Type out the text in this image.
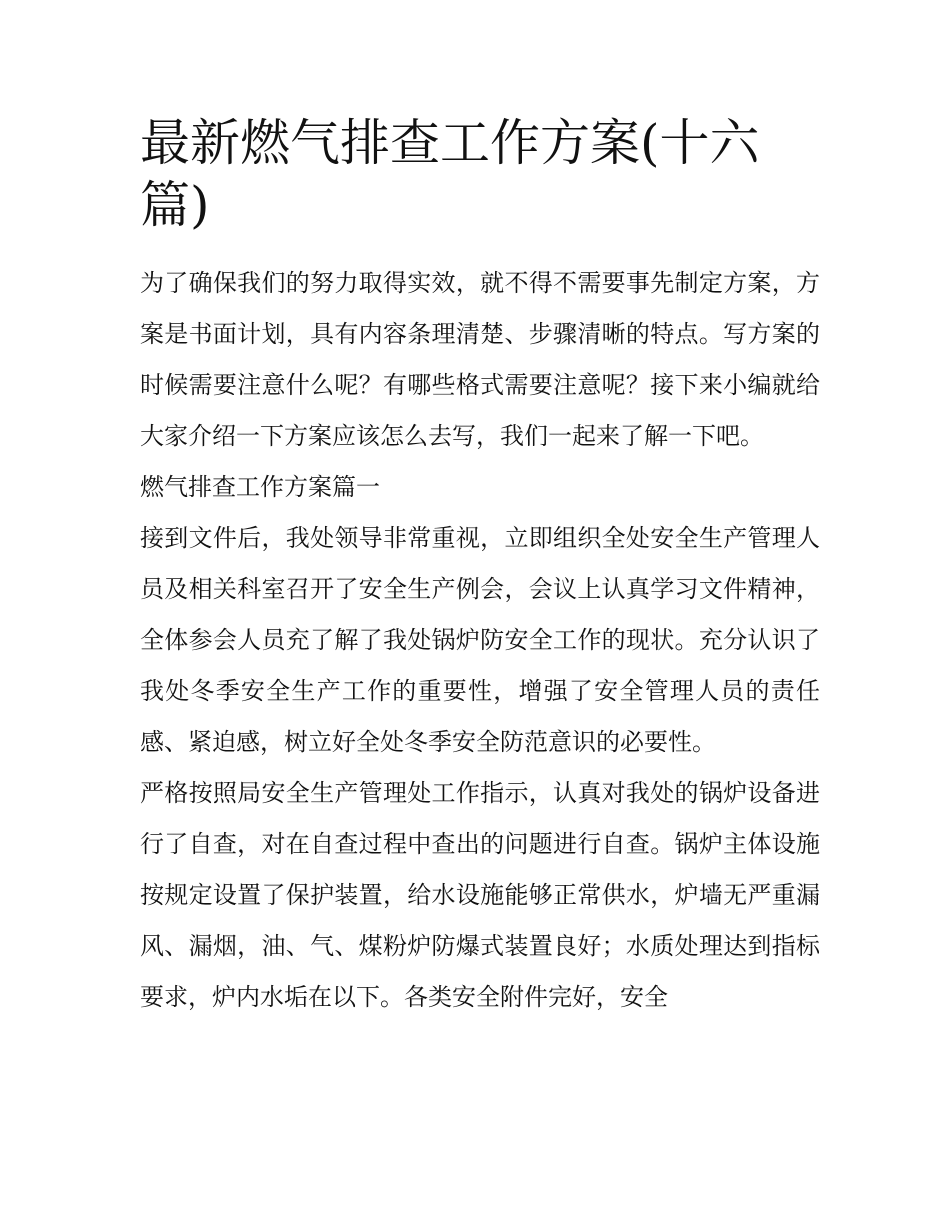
最新燃气排查工作方案(十六篇)

为了确保我们的努力取得实效，就不得不需要事先制定方案，方案是书面计划，具有内容条理清楚、步骤清晰的特点。写方案的时候需要注意什么呢？有哪些格式需要注意呢？接下来小编就给大家介绍一下方案应该怎么去写，我们一起来了解一下吧。

燃气排查工作方案篇一

接到文件后，我处领导非常重视，立即组织全处安全生产管理人员及相关科室召开了安全生产例会，会议上认真学习文件精神，全体参会人员充了解了我处锅炉防安全工作的现状。充分认识了我处冬季安全生产工作的重要性，增强了安全管理人员的责任感、紧迫感，树立好全处冬季安全防范意识的必要性。

严格按照局安全生产管理处工作指示，认真对我处的锅炉设备进行了自查，对在自查过程中查出的问题进行自查。锅炉主体设施按规定设置了保护装置，给水设施能够正常供水，炉墙无严重漏风、漏烟，油、气、煤粉炉防爆式装置良好；水质处理达到指标要求，炉内水垢在以下。各类安全附件完好，安全
